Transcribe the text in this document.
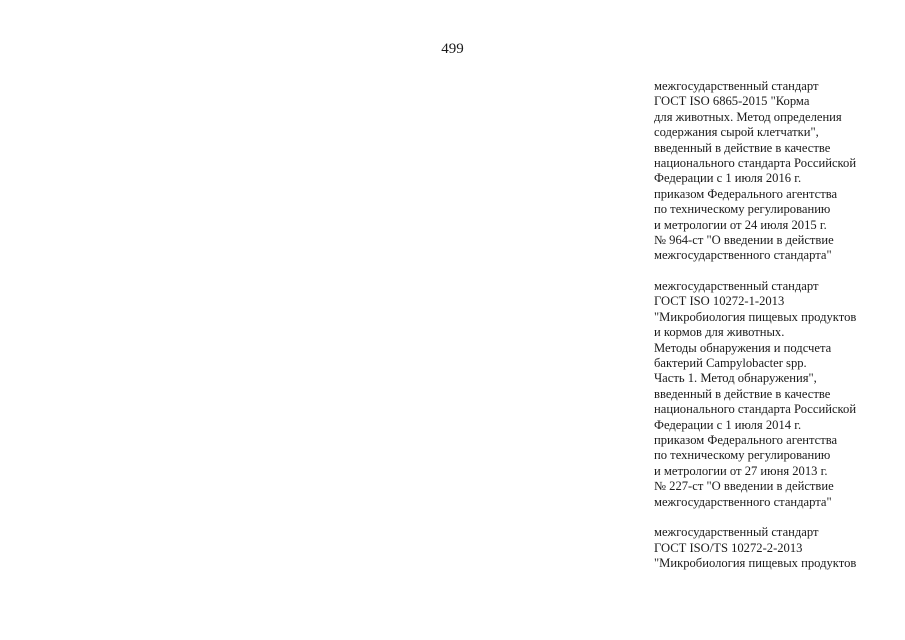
499
межгосударственный стандарт
ГОСТ ISO 6865-2015 "Корма
для животных. Метод определения
содержания сырой клетчатки",
введенный в действие в качестве
национального стандарта Российской
Федерации с 1 июля 2016 г.
приказом Федерального агентства
по техническому регулированию
и метрологии от 24 июля 2015 г.
№ 964-ст "О введении в действие
межгосударственного стандарта"
межгосударственный стандарт
ГОСТ ISO 10272-1-2013
"Микробиология пищевых продуктов
и кормов для животных.
Методы обнаружения и подсчета
бактерий Campylobacter spp.
Часть 1. Метод обнаружения",
введенный в действие в качестве
национального стандарта Российской
Федерации с 1 июля 2014 г.
приказом Федерального агентства
по техническому регулированию
и метрологии от 27 июня 2013 г.
№ 227-ст "О введении в действие
межгосударственного стандарта"
межгосударственный стандарт
ГОСТ ISO/TS 10272-2-2013
"Микробиология пищевых продуктов
